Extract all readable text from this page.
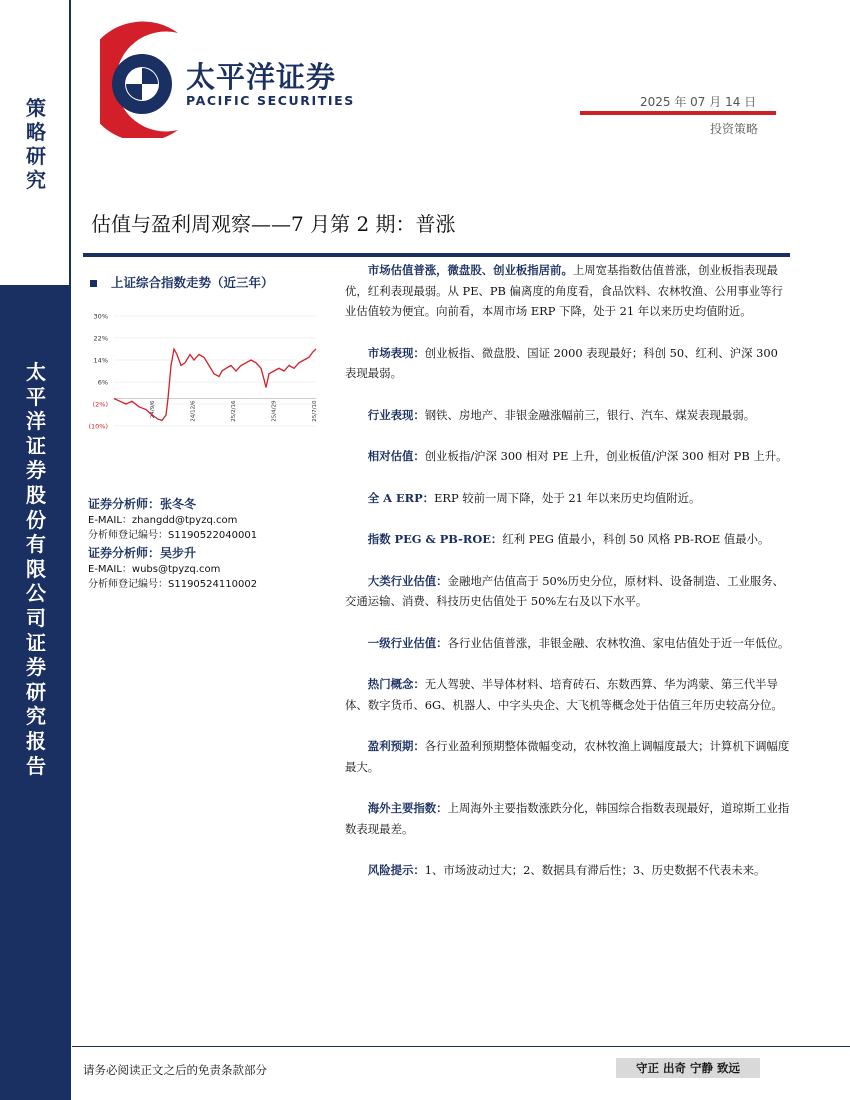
策略研究
太平洋证券股份有限公司证券研究报告
太平洋证券
PACIFIC SECURITIES	2025 年 07 月 14 日
投资策略
估值与盈利周观察——7 月第 2 期：普涨
上证综合指数走势（近三年）
30%
22%
14%
6%
(2%)
(10%)
24/9/6	24/12/6	25/2/16	25/4/29	25/7/10
证券分析师：张冬冬
E-MAIL：zhangdd@tpyzq.com
分析师登记编号：S1190522040001
证券分析师：吴步升
E-MAIL：wubs@tpyzq.com
分析师登记编号：S1190524110002

市场估值普涨，微盘股、创业板指居前。上周宽基指数估值普涨，创业板指表现最优，红利表现最弱。从 PE、PB 偏离度的角度看，食品饮料、农林牧渔、公用事业等行业估值较为便宜。向前看，本周市场 ERP 下降，处于 21 年以来历史均值附近。

市场表现：创业板指、微盘股、国证 2000 表现最好；科创 50、红利、沪深 300 表现最弱。

行业表现：钢铁、房地产、非银金融涨幅前三，银行、汽车、煤炭表现最弱。

相对估值：创业板指/沪深 300 相对 PE 上升，创业板值/沪深 300 相对 PB 上升。

全 A ERP：ERP 较前一周下降，处于 21 年以来历史均值附近。

指数 PEG & PB-ROE：红利 PEG 值最小，科创 50 风格 PB-ROE 值最小。

大类行业估值：金融地产估值高于 50%历史分位，原材料、设备制造、工业服务、交通运输、消费、科技历史估值处于 50%左右及以下水平。

一级行业估值：各行业估值普涨，非银金融、农林牧渔、家电估值处于近一年低位。

热门概念：无人驾驶、半导体材料、培育砖石、东数西算、华为鸿蒙、第三代半导体、数字货币、6G、机器人、中字头央企、大飞机等概念处于估值三年历史较高分位。

盈利预期：各行业盈利预期整体微幅变动，农林牧渔上调幅度最大；计算机下调幅度最大。

海外主要指数：上周海外主要指数涨跌分化，韩国综合指数表现最好，道琼斯工业指数表现最差。

风险提示：1、市场波动过大；2、数据具有滞后性；3、历史数据不代表未来。

请务必阅读正文之后的免责条款部分	守正 出奇 宁静 致远
